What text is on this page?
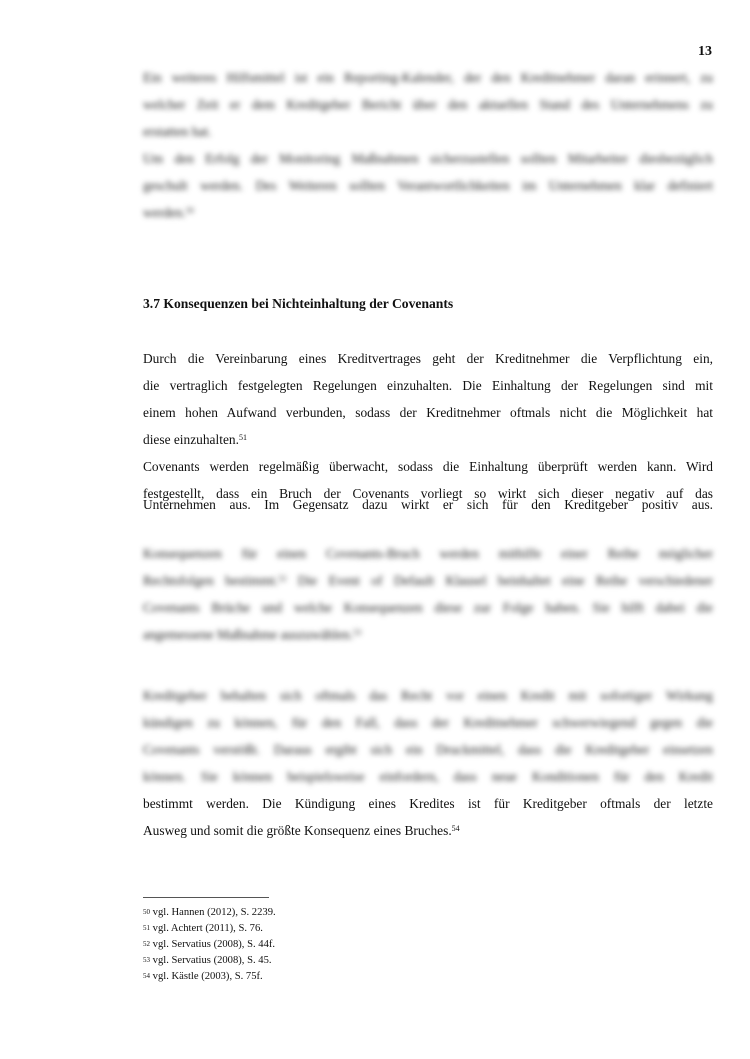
13
Ein weiteres Hilfsmittel ist ein Reporting-Kalender, der den Kreditnehmer daran erinnert, zu
welcher Zeit er dem Kreditgeber Bericht über den aktuellen Stand des Unternehmens zu
erstatten hat.
Um den Erfolg der Monitoring Maßnahmen sicherzustellen sollten Mitarbeiter diesbezüglich
geschult werden. Des Weiteren sollten Verantwortlichkeiten im Unternehmen klar definiert
werden.$^{50}$
3.7 Konsequenzen bei Nichteinhaltung der Covenants
Durch die Vereinbarung eines Kreditvertrages geht der Kreditnehmer die Verpflichtung ein,
die vertraglich festgelegten Regelungen einzuhalten. Die Einhaltung der Regelungen sind mit
einem hohen Aufwand verbunden, sodass der Kreditnehmer oftmals nicht die Möglichkeit hat
diese einzuhalten.$^{51}$
Covenants werden regelmäßig überwacht, sodass die Einhaltung überprüft werden kann. Wird
festgestellt, dass ein Bruch der Covenants vorliegt so wirkt sich dieser negativ auf das
Unternehmen aus. Im Gegensatz dazu wirkt er sich für den Kreditgeber positiv aus.
Konsequenzen für einen Covenants-Bruch werden mithilfe einer Reihe möglicher
Rechtsfolgen bestimmt.$^{52}$ Die Event of Default Klausel beinhaltet eine Reihe verschiedener
Covenants Brüche und welche Konsequenzen diese zur Folge haben. Sie hilft dabei die
angemessene Maßnahme auszuwählen.$^{53}$
Kreditgeber behalten sich oftmals das Recht vor einen Kredit mit sofortiger Wirkung
kündigen zu können, für den Fall, dass der Kreditnehmer schwerwiegend gegen die
Covenants verstößt. Daraus ergibt sich ein Druckmittel, dass die Kreditgeber einsetzen
können. Sie können beispielsweise einfordern, dass neue Konditionen für den Kredit
bestimmt werden. Die Kündigung eines Kredites ist für Kreditgeber oftmals der letzte
Ausweg und somit die größte Konsequenz eines Bruches.$^{54}$
$^{50}$ vgl. Hannen (2012), S. 2239.
$^{51}$ vgl. Achtert (2011), S. 76.
$^{52}$ vgl. Servatius (2008), S. 44f.
$^{53}$ vgl. Servatius (2008), S. 45.
$^{54}$ vgl. Kästle (2003), S. 75f.
